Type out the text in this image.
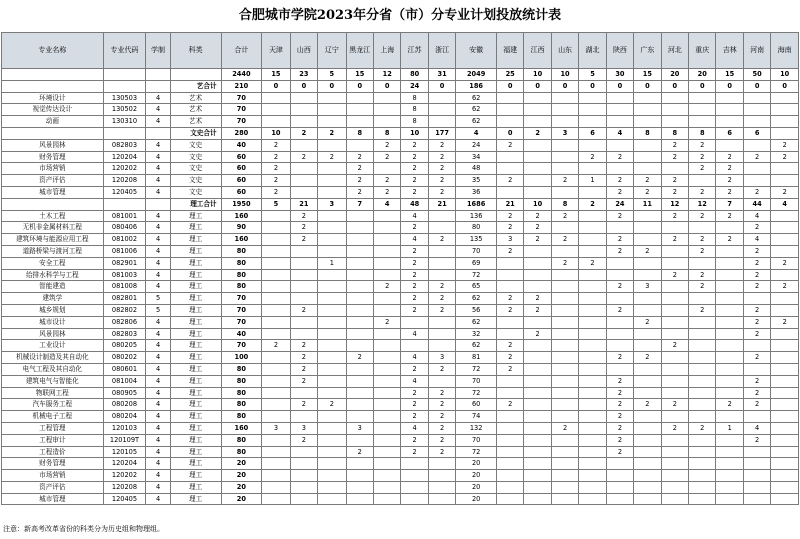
合肥城市学院2023年分省（市）分专业计划投放统计表
专业名称	专业代码	学制	科类	合计	天津	山西	辽宁	黑龙江	上海	江苏	浙江	安徽	福建	江西	山东	湖北	陕西	广东	河北	重庆	吉林	河南	海南
				2440	15	23	5	15	12	80	31	2049	25	10	10	5	30	15	20	20	15	50	10
			艺合计	210	0	0	0	0	0	24	0	186	0	0	0	0	0	0	0	0	0	0	0
环境设计	130503	4	艺术	70						8		62											
视觉传达设计	130502	4	艺术	70						8		62											
动画	130310	4	艺术	70						8		62											
			文史合计	280	10	2	2	8	8	10	177	4	0	2	3	6	4	8	8	8	6	6	
风景园林	082803	4	文史	40	2				2	2	2	24	2						2	2			2
财务管理	120204	4	文史	60	2	2	2	2	2	2	2	34				2	2		2	2	2	2	2
市场营销	120202	4	文史	60	2			2		2	2	48								2	2		
资产评估	120208	4	文史	60	2			2	2	2	2	35	2		2	1	2	2	2		2		
城市管理	120405	4	文史	60	2			2	2	2	2	36					2	2	2	2	2	2	2
			理工合计	1950	5	21	3	7	4	48	21	1686	21	10	8	2	24	11	12	12	7	44	4
土木工程	081001	4	理工	160		2				4		136	2	2	2		2		2	2	2	4	
无机非金属材料工程	080406	4	理工	90		2				2		80	2	2								2	
建筑环境与能源应用工程	081002	4	理工	160		2				4	2	135	3	2	2		2		2	2	2	4	
道路桥梁与渡河工程	081006	4	理工	80						2		70	2				2	2		2		2	
安全工程	082901	4	理工	80			1			2		69			2	2						2	2
给排水科学与工程	081003	4	理工	80						2		72							2	2		2	
智能建造	081008	4	理工	80					2	2	2	65					2	3		2		2	2
建筑学	082801	5	理工	70						2	2	62	2	2									
城乡规划	082802	5	理工	70		2				2	2	56	2	2			2			2		2	
城市设计	082806	4	理工	70					2			62						2				2	2
风景园林	082803	4	理工	40						4		32		2								2	
工业设计	080205	4	理工	70	2	2						62	2						2				
机械设计制造及其自动化	080202	4	理工	100		2		2		4	3	81	2				2	2				2	
电气工程及其自动化	080601	4	理工	80		2				2	2	72	2										
建筑电气与智能化	081004	4	理工	80		2				4		70					2					2	
物联网工程	080905	4	理工	80						2	2	72					2					2	
汽车服务工程	080208	4	理工	80		2	2			2	2	60	2				2	2	2		2	2	
机械电子工程	080204	4	理工	80						2	2	74					2						
工程管理	120103	4	理工	160	3	3		3		4	2	132			2		2		2	2	1	4	
工程审计	120109T	4	理工	80		2				2	2	70					2					2	
工程造价	120105	4	理工	80				2		2	2	72					2						
财务管理	120204	4	理工	20								20											
市场营销	120202	4	理工	20								20											
资产评估	120208	4	理工	20								20											
城市管理	120405	4	理工	20								20											
注意：新高考改革省份的科类分为历史组和物理组。
